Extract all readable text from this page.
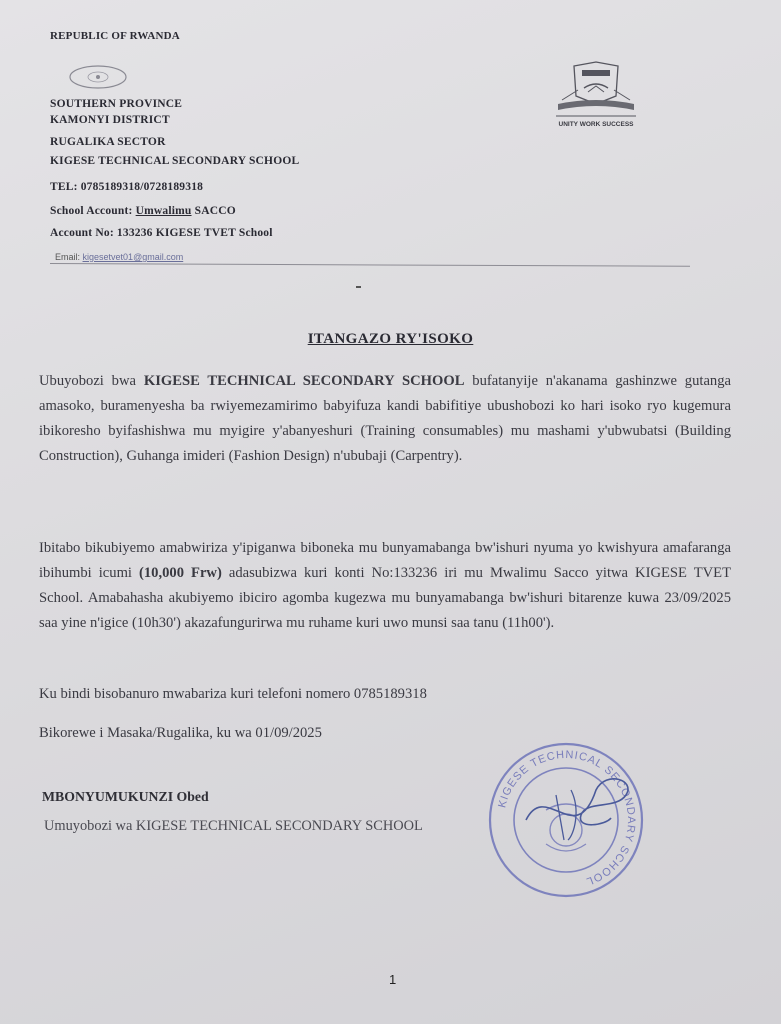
REPUBLIC OF RWANDA
SOUTHERN PROVINCE
KAMONYI DISTRICT
RUGALIKA SECTOR
KIGESE TECHNICAL SECONDARY SCHOOL
TEL: 0785189318/0728189318
School Account: Umwalimu SACCO
Account No: 133236 KIGESE TVET School
Email: kigesetvet01@gmail.com
UNITY WORK SUCCESS
ITANGAZO RY'ISOKO
Ubuyobozi bwa KIGESE TECHNICAL SECONDARY SCHOOL bufatanyije n'akanama gashinzwe gutanga amasoko, buramenyesha ba rwiyemezamirimo babyifuza kandi babifitiye ubushobozi ko hari isoko ryo kugemura ibikoresho byifashishwa mu myigire y'abanyeshuri (Training consumables) mu mashami y'ubwubatsi (Building Construction), Guhanga imideri (Fashion Design) n'ububaji (Carpentry).
Ibitabo bikubiyemo amabwiriza y'ipiganwa biboneka mu bunyamabanga bw'ishuri nyuma yo kwishyura amafaranga ibihumbi icumi (10,000 Frw) adasubizwa kuri konti No:133236 iri mu Mwalimu Sacco yitwa KIGESE TVET School. Amabahasha akubiyemo ibiciro agomba kugezwa mu bunyamabanga bw'ishuri bitarenze kuwa 23/09/2025 saa yine n'igice (10h30') akazafungurirwa mu ruhame kuri uwo munsi saa tanu (11h00').
Ku bindi bisobanuro mwabariza kuri telefoni nomero 0785189318
Bikorewe i Masaka/Rugalika, ku wa 01/09/2025
MBONYUMUKUNZI Obed
Umuyobozi wa KIGESE TECHNICAL SECONDARY SCHOOL
KIGESE TECHNICAL SECONDARY SCHOOL
1
